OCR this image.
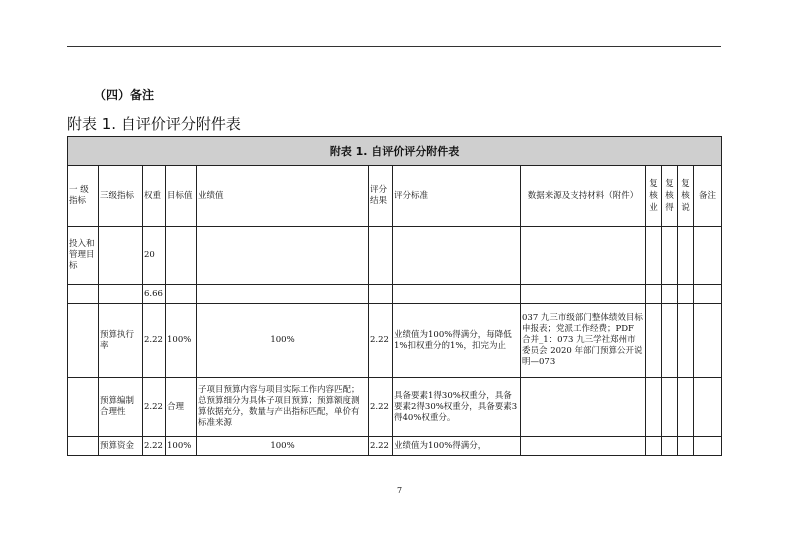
（四）备注
附表 1. 自评价评分附件表
附表 1. 自评价评分附件表											
一 级指标	三级指标	权重	目标值	业绩值	评分结果	评分标准	数据来源及支持材料（附件）	复核业	复核得	复核说	备注
投入和管理目标		20									
		6.66									
	预算执行率	2.22	100%	100%	2.22	业绩值为100%得满分，每降低1%扣权重分的1%，扣完为止	037 九三市级部门整体绩效目标申报表；党派工作经费；PDF 合并_1：073 九三学社郑州市委员会 2020 年部门预算公开说明—073				
	预算编制合理性	2.22	合理	子项目预算内容与项目实际工作内容匹配；总预算细分为具体子项目预算；预算额度测算依据充分，数量与产出指标匹配，单价有标准来源	2.22	具备要素1得30%权重分，具备要素2得30%权重分，具备要素3得40%权重分。					
	预算资金	2.22	100%	100%	2.22	业绩值为100%得满分，					
7
